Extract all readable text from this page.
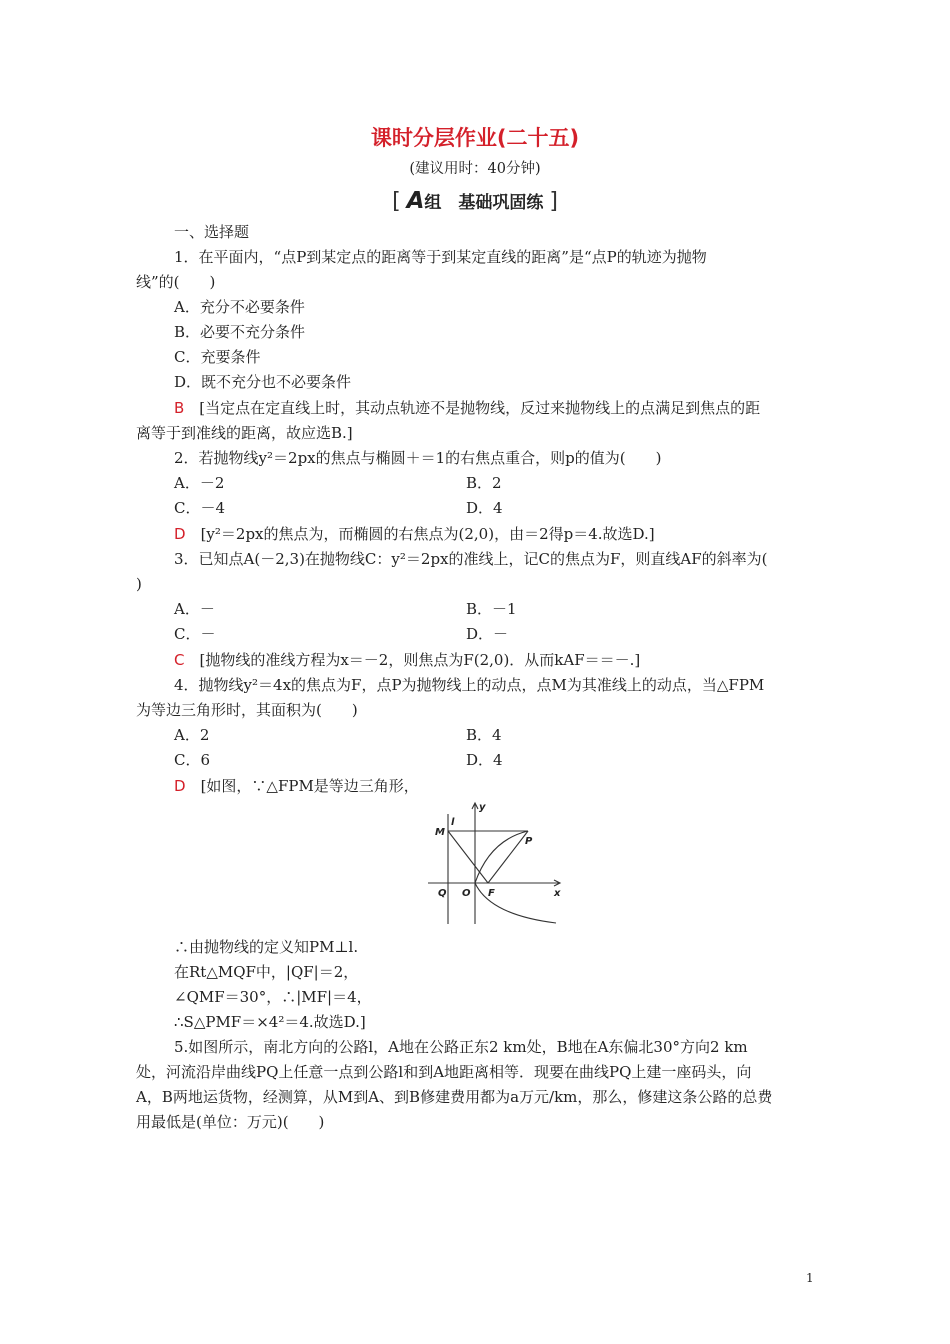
课时分层作业(二十五)
(建议用时：40分钟)
[ A组　基础巩固练 ]
一、选择题
1．在平面内，“点P到某定点的距离等于到某定直线的距离”是“点P的轨迹为抛物
线”的(　　)
A．充分不必要条件
B．必要不充分条件
C．充要条件
D．既不充分也不必要条件
B　[当定点在定直线上时，其动点轨迹不是抛物线，反过来抛物线上的点满足到焦点的距
离等于到准线的距离，故应选B.]
2．若抛物线y²＝2px的焦点与椭圆＋＝1的右焦点重合，则p的值为(　　)
A．－2	B．2
C．－4	D．4
D　[y²＝2px的焦点为，而椭圆的右焦点为(2,0)，由＝2得p＝4.故选D.]
3．已知点A(－2,3)在抛物线C：y²＝2px的准线上，记C的焦点为F，则直线AF的斜率为(
)
A．－	B．－1
C．－	D．－
C　[抛物线的准线方程为x＝－2，则焦点为F(2,0)．从而kAF＝＝－.]
4．抛物线y²＝4x的焦点为F，点P为抛物线上的动点，点M为其准线上的动点，当△FPM
为等边三角形时，其面积为(　　)
A．2	B．4
C．6	D．4
D　[如图，∵△FPM是等边三角形，
∴由抛物线的定义知PM⊥l.
在Rt△MQF中，|QF|＝2，
∠QMF＝30°，∴|MF|＝4，
∴S△PMF＝×4²＝4.故选D.]
5.如图所示，南北方向的公路l，A地在公路正东2 km处，B地在A东偏北30°方向2 km
处，河流沿岸曲线PQ上任意一点到公路l和到A地距离相等．现要在曲线PQ上建一座码头，向
A，B两地运货物，经测算，从M到A、到B修建费用都为a万元/km，那么，修建这条公路的总费
用最低是(单位：万元)(　　)
y
l
M
P
Q O F	x
1
